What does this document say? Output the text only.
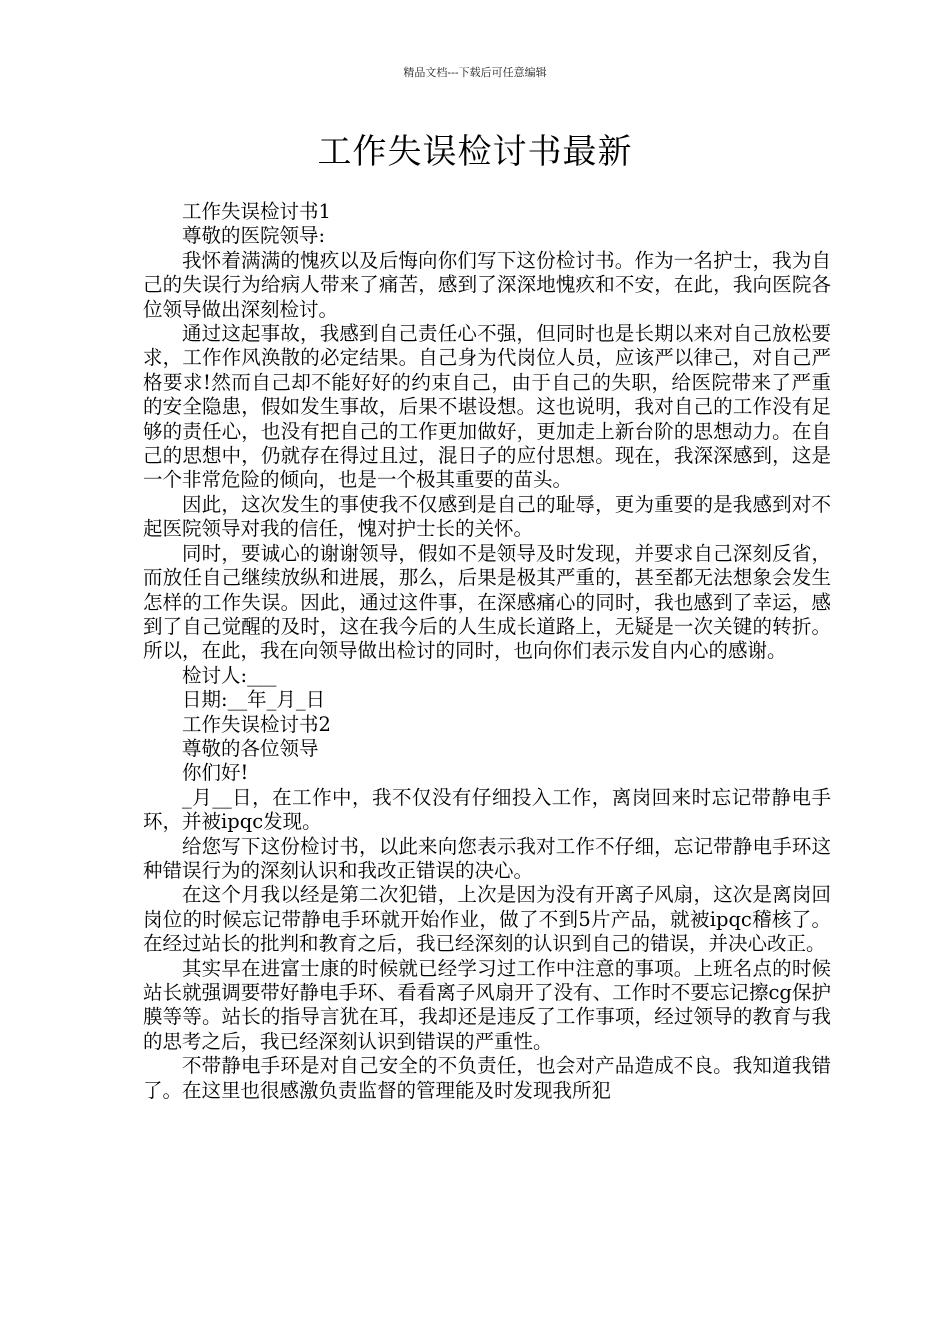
精品文档---下载后可任意编辑
工作失误检讨书最新

工作失误检讨书1

尊敬的医院领导:

我怀着满满的愧疚以及后悔向你们写下这份检讨书。作为一名护士，我为自己的失误行为给病人带来了痛苦，感到了深深地愧疚和不安，在此，我向医院各位领导做出深刻检讨。

通过这起事故，我感到自己责任心不强，但同时也是长期以来对自己放松要求，工作作风涣散的必定结果。自己身为代岗位人员，应该严以律己，对自己严格要求!然而自己却不能好好的约束自己，由于自己的失职，给医院带来了严重的安全隐患，假如发生事故，后果不堪设想。这也说明，我对自己的工作没有足够的责任心，也没有把自己的工作更加做好，更加走上新台阶的思想动力。在自己的思想中，仍就存在得过且过，混日子的应付思想。现在，我深深感到，这是一个非常危险的倾向，也是一个极其重要的苗头。

因此，这次发生的事使我不仅感到是自己的耻辱，更为重要的是我感到对不起医院领导对我的信任，愧对护士长的关怀。

同时，要诚心的谢谢领导，假如不是领导及时发现，并要求自己深刻反省，而放任自己继续放纵和进展，那么，后果是极其严重的，甚至都无法想象会发生怎样的工作失误。因此，通过这件事，在深感痛心的同时，我也感到了幸运，感到了自己觉醒的及时，这在我今后的人生成长道路上，无疑是一次关键的转折。所以，在此，我在向领导做出检讨的同时，也向你们表示发自内心的感谢。

检讨人:___

日期:__年_月_日

工作失误检讨书2

尊敬的各位领导

你们好!

_月__日，在工作中，我不仅没有仔细投入工作，离岗回来时忘记带静电手环，并被ipqc发现。

给您写下这份检讨书，以此来向您表示我对工作不仔细，忘记带静电手环这种错误行为的深刻认识和我改正错误的决心。

在这个月我以经是第二次犯错，上次是因为没有开离子风扇，这次是离岗回岗位的时候忘记带静电手环就开始作业，做了不到5片产品，就被ipqc稽核了。在经过站长的批判和教育之后，我已经深刻的认识到自己的错误，并决心改正。

其实早在进富士康的时候就已经学习过工作中注意的事项。上班名点的时候站长就强调要带好静电手环、看看离子风扇开了没有、工作时不要忘记擦cg保护膜等等。站长的指导言犹在耳，我却还是违反了工作事项，经过领导的教育与我的思考之后，我已经深刻认识到错误的严重性。

不带静电手环是对自己安全的不负责任，也会对产品造成不良。我知道我错了。在这里也很感激负责监督的管理能及时发现我所犯
